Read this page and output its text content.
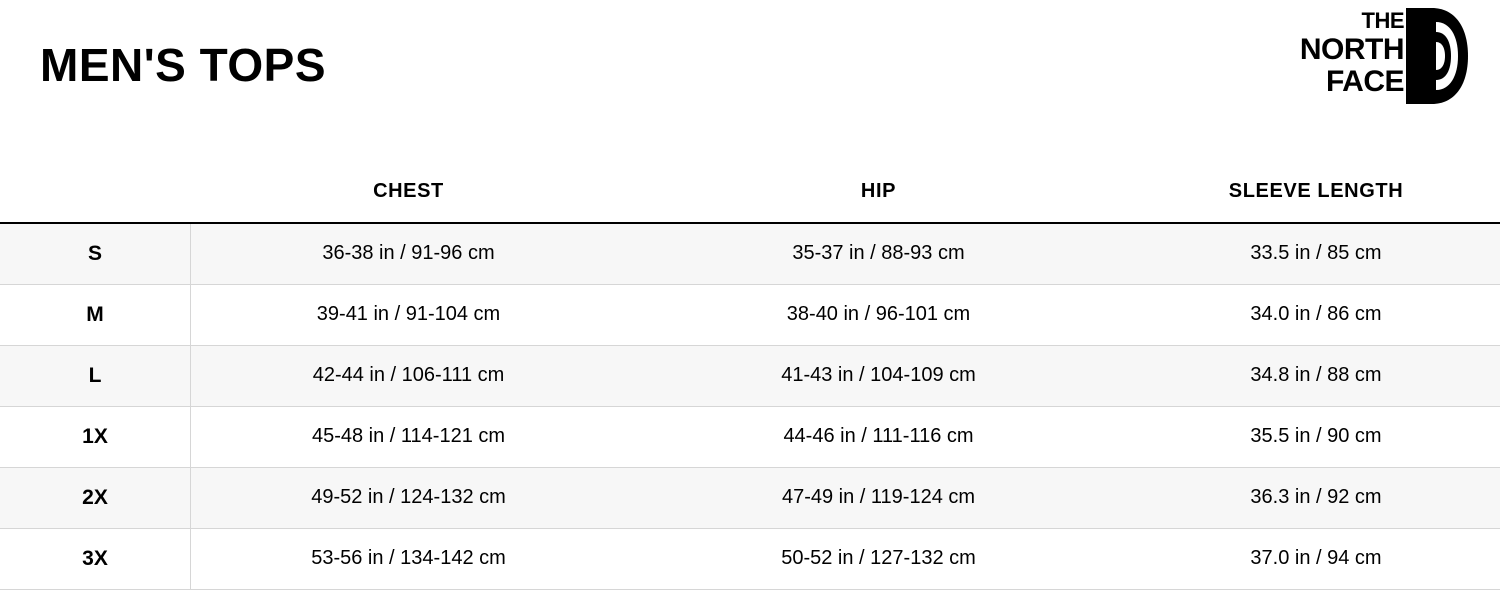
MEN'S TOPS
THE
NORTH
FACE
	CHEST	HIP	SLEEVE LENGTH
S	36-38 in / 91-96 cm	35-37 in / 88-93 cm	33.5 in / 85 cm
M	39-41 in / 91-104 cm	38-40 in / 96-101 cm	34.0 in / 86 cm
L	42-44 in / 106-111 cm	41-43 in / 104-109 cm	34.8 in / 88 cm
1X	45-48 in / 114-121 cm	44-46 in / 111-116 cm	35.5 in / 90 cm
2X	49-52 in / 124-132 cm	47-49 in / 119-124 cm	36.3 in / 92 cm
3X	53-56 in / 134-142 cm	50-52 in / 127-132 cm	37.0 in / 94 cm
